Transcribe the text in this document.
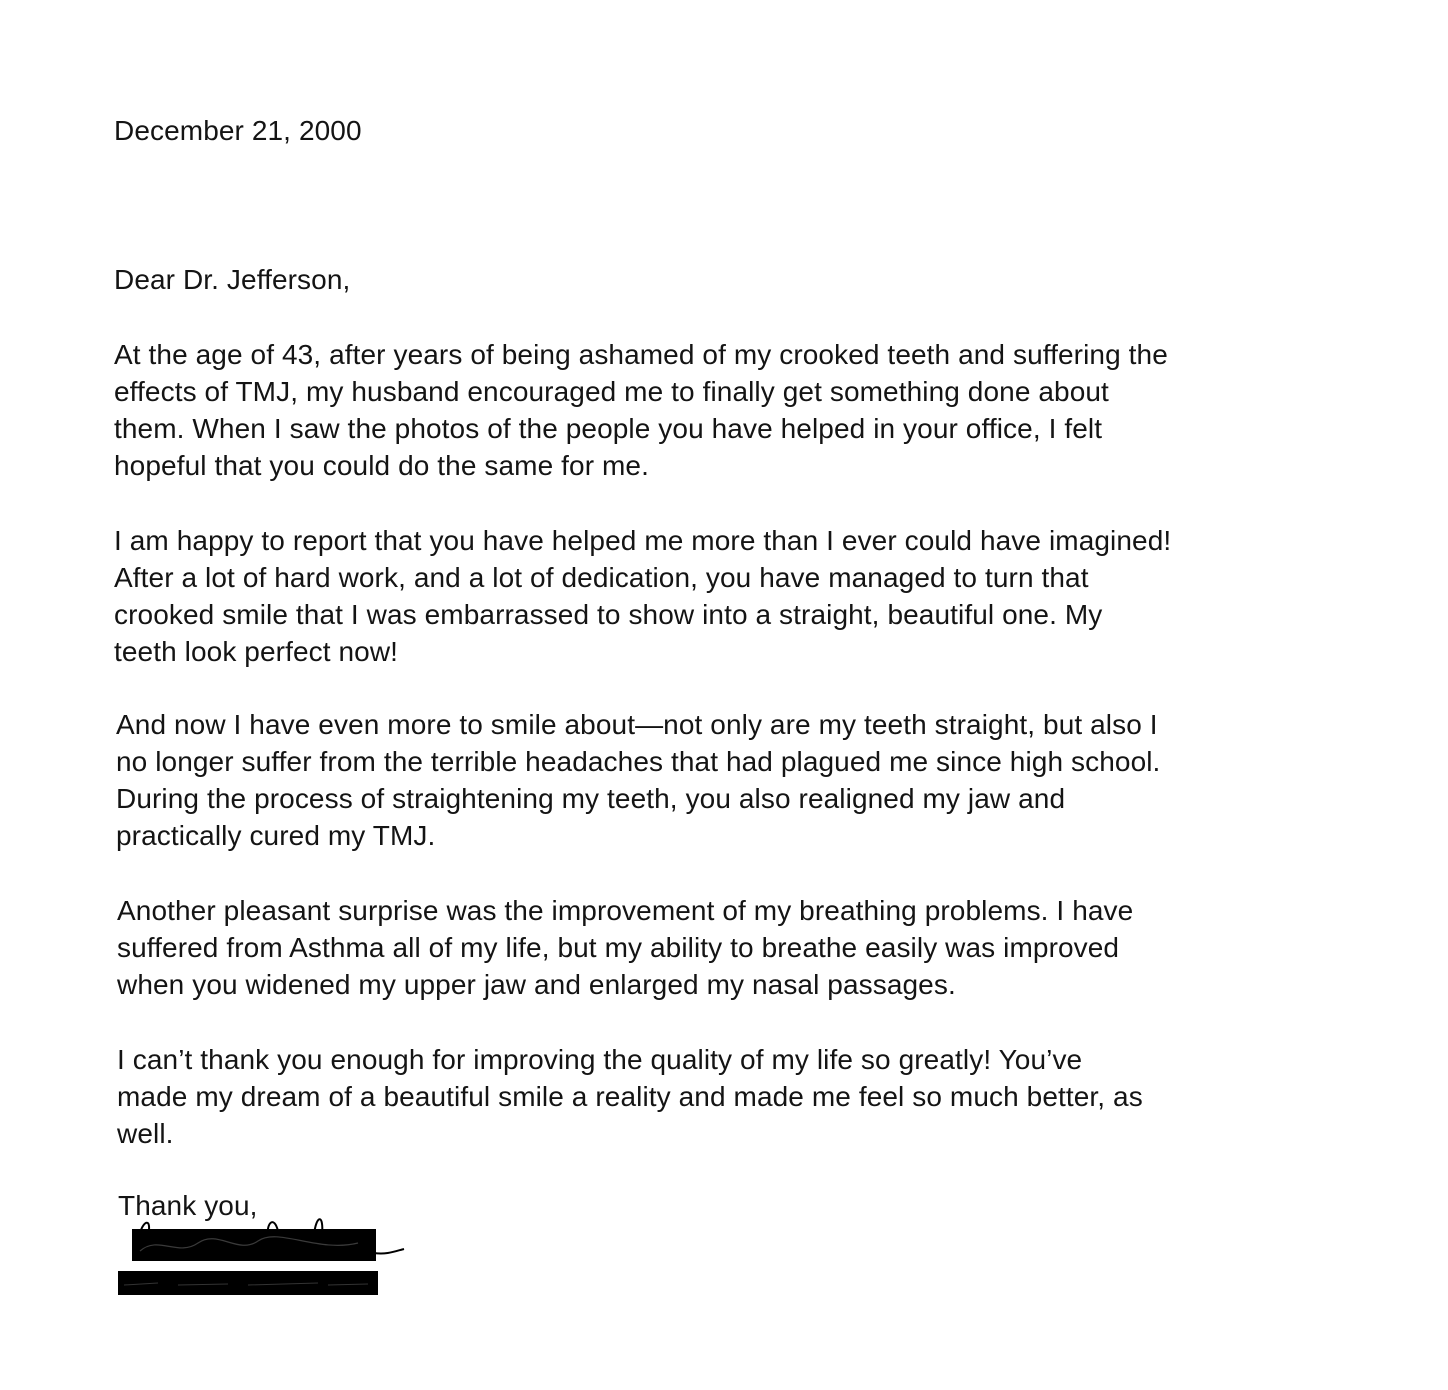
December 21, 2000

Dear Dr. Jefferson,

At the age of 43, after years of being ashamed of my crooked teeth and suffering the
effects of TMJ, my husband encouraged me to finally get something done about
them. When I saw the photos of the people you have helped in your office, I felt
hopeful that you could do the same for me.

I am happy to report that you have helped me more than I ever could have imagined!
After a lot of hard work, and a lot of dedication, you have managed to turn that
crooked smile that I was embarrassed to show into a straight, beautiful one. My
teeth look perfect now!

And now I have even more to smile about—not only are my teeth straight, but also I
no longer suffer from the terrible headaches that had plagued me since high school.
During the process of straightening my teeth, you also realigned my jaw and
practically cured my TMJ.

Another pleasant surprise was the improvement of my breathing problems. I have
suffered from Asthma all of my life, but my ability to breathe easily was improved
when you widened my upper jaw and enlarged my nasal passages.

I can’t thank you enough for improving the quality of my life so greatly! You’ve
made my dream of a beautiful smile a reality and made me feel so much better, as
well.

Thank you,
